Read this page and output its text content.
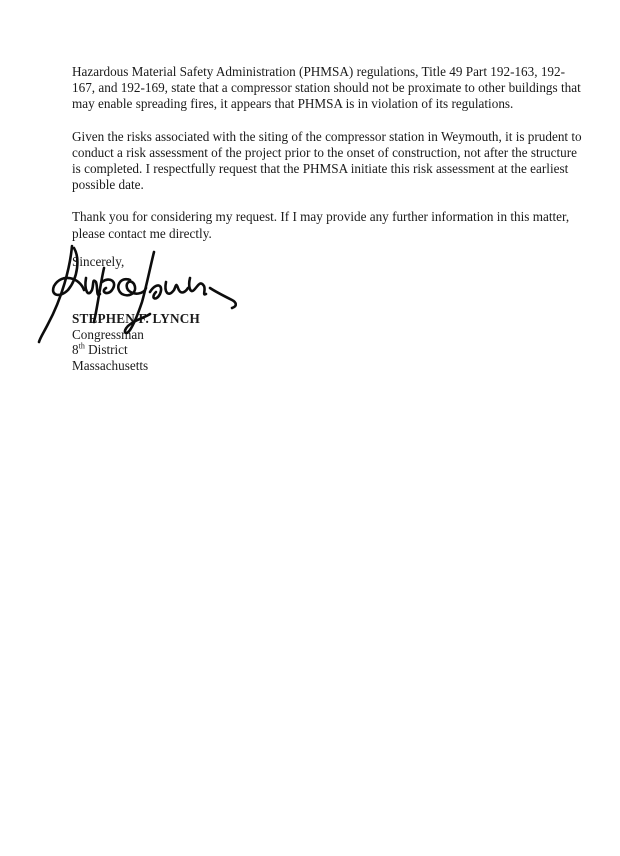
Hazardous Material Safety Administration (PHMSA) regulations, Title 49 Part 192-163, 192-
167, and 192-169, state that a compressor station should not be proximate to other buildings that
may enable spreading fires, it appears that PHMSA is in violation of its regulations.

Given the risks associated with the siting of the compressor station in Weymouth, it is prudent to
conduct a risk assessment of the project prior to the onset of construction, not after the structure
is completed. I respectfully request that the PHMSA initiate this risk assessment at the earliest
possible date.

Thank you for considering my request. If I may provide any further information in this matter,
please contact me directly.

Sincerely,
STEPHEN F. LYNCH
Congressman
8th District
Massachusetts
